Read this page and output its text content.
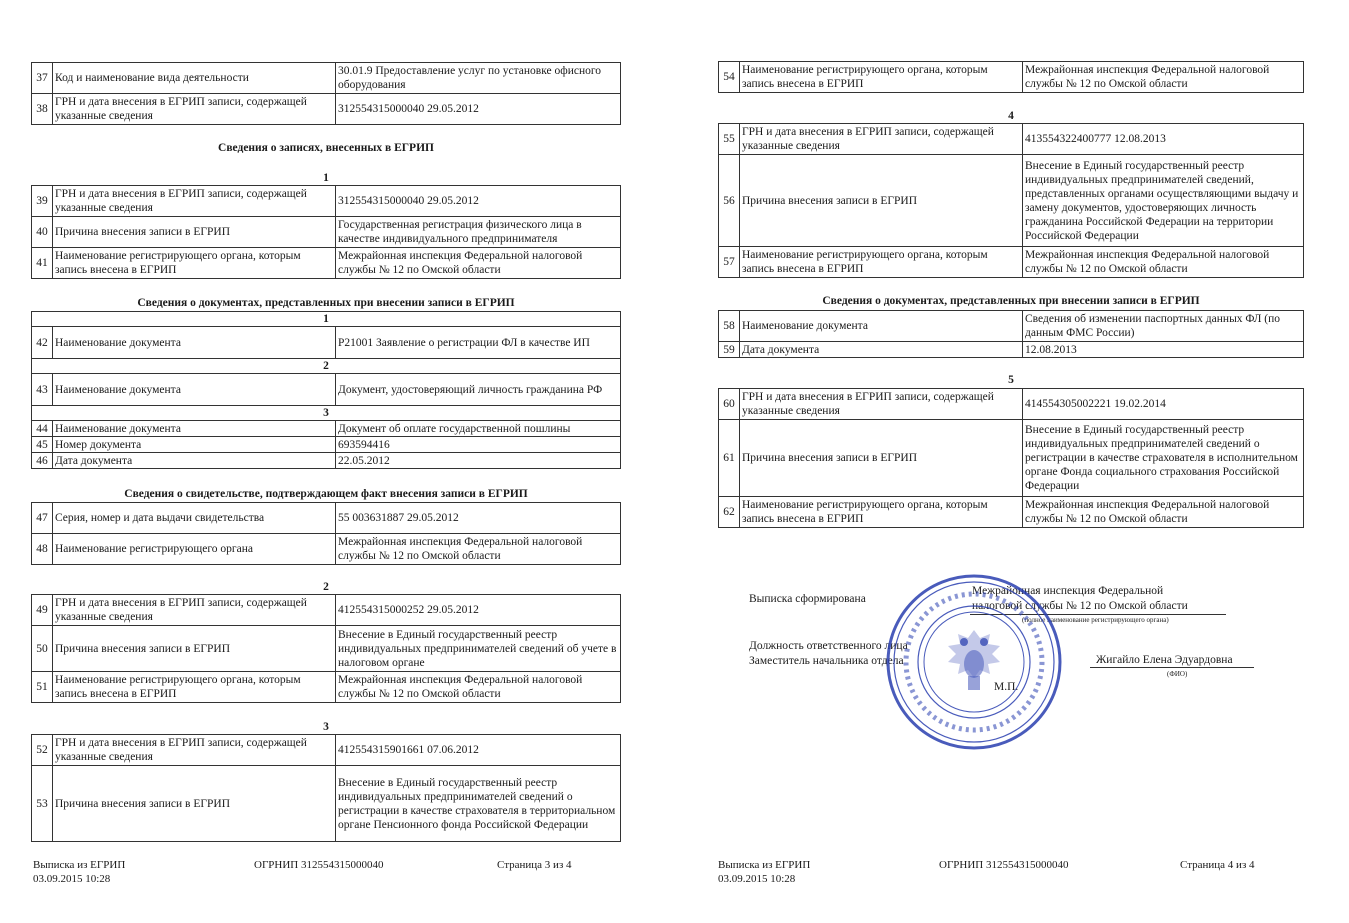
37	Код и наименование вида деятельности	30.01.9 Предоставление услуг по установке офисного оборудования
38	ГРН и дата внесения в ЕГРИП записи, содержащей указанные сведения	312554315000040 29.05.2012
Сведения о записях, внесенных в ЕГРИП
1
39	ГРН и дата внесения в ЕГРИП записи, содержащей указанные сведения	312554315000040 29.05.2012
40	Причина внесения записи в ЕГРИП	Государственная регистрация физического лица в качестве индивидуального предпринимателя
41	Наименование регистрирующего органа, которым запись внесена в ЕГРИП	Межрайонная инспекция Федеральной налоговой службы № 12 по Омской области
Сведения о документах, представленных при внесении записи в ЕГРИП
1		
42	Наименование документа	Р21001 Заявление о регистрации ФЛ в качестве ИП
2		
43	Наименование документа	Документ, удостоверяющий личность гражданина РФ
3		
44	Наименование документа	Документ об оплате государственной пошлины
45	Номер документа	693594416
46	Дата документа	22.05.2012
Сведения о свидетельстве, подтверждающем факт внесения записи в ЕГРИП
47	Серия, номер и дата выдачи свидетельства	55 003631887 29.05.2012
48	Наименование регистрирующего органа	Межрайонная инспекция Федеральной налоговой службы № 12 по Омской области
2
49	ГРН и дата внесения в ЕГРИП записи, содержащей указанные сведения	412554315000252 29.05.2012
50	Причина внесения записи в ЕГРИП	Внесение в Единый государственный реестр индивидуальных предпринимателей сведений об учете в налоговом органе
51	Наименование регистрирующего органа, которым запись внесена в ЕГРИП	Межрайонная инспекция Федеральной налоговой службы № 12 по Омской области
3
52	ГРН и дата внесения в ЕГРИП записи, содержащей указанные сведения	412554315901661 07.06.2012
53	Причина внесения записи в ЕГРИП	Внесение в Единый государственный реестр индивидуальных предпринимателей сведений о регистрации в качестве страхователя в территориальном органе Пенсионного фонда Российской Федерации
Выписка из ЕГРИП
03.09.2015 10:28
ОГРНИП 312554315000040	Страница 3 из 4
54	Наименование регистрирующего органа, которым запись внесена в ЕГРИП	Межрайонная инспекция Федеральной налоговой службы № 12 по Омской области
4
55	ГРН и дата внесения в ЕГРИП записи, содержащей указанные сведения	413554322400777 12.08.2013
56	Причина внесения записи в ЕГРИП	Внесение в Единый государственный реестр индивидуальных предпринимателей сведений, представленных органами осуществляющими выдачу и замену документов, удостоверяющих личность гражданина Российской Федерации на территории Российской Федерации
57	Наименование регистрирующего органа, которым запись внесена в ЕГРИП	Межрайонная инспекция Федеральной налоговой службы № 12 по Омской области
Сведения о документах, представленных при внесении записи в ЕГРИП
58	Наименование документа	Сведения об изменении паспортных данных ФЛ (по данным ФМС России)
59	Дата документа	12.08.2013
5
60	ГРН и дата внесения в ЕГРИП записи, содержащей указанные сведения	414554305002221 19.02.2014
61	Причина внесения записи в ЕГРИП	Внесение в Единый государственный реестр индивидуальных предпринимателей сведений о регистрации в качестве страхователя в исполнительном органе Фонда социального страхования Российской Федерации
62	Наименование регистрирующего органа, которым запись внесена в ЕГРИП	Межрайонная инспекция Федеральной налоговой службы № 12 по Омской области
Выписка сформирована
Межрайонная инспекция Федеральной
налоговой службы № 12 по Омской области
(полное наименование регистрирующего органа)
Должность ответственного лица
Заместитель начальника отдела	Жигайло Елена Эдуардовна
(ФИО)
М.П.
Выписка из ЕГРИП
03.09.2015 10:28
ОГРНИП 312554315000040	Страница 4 из 4
